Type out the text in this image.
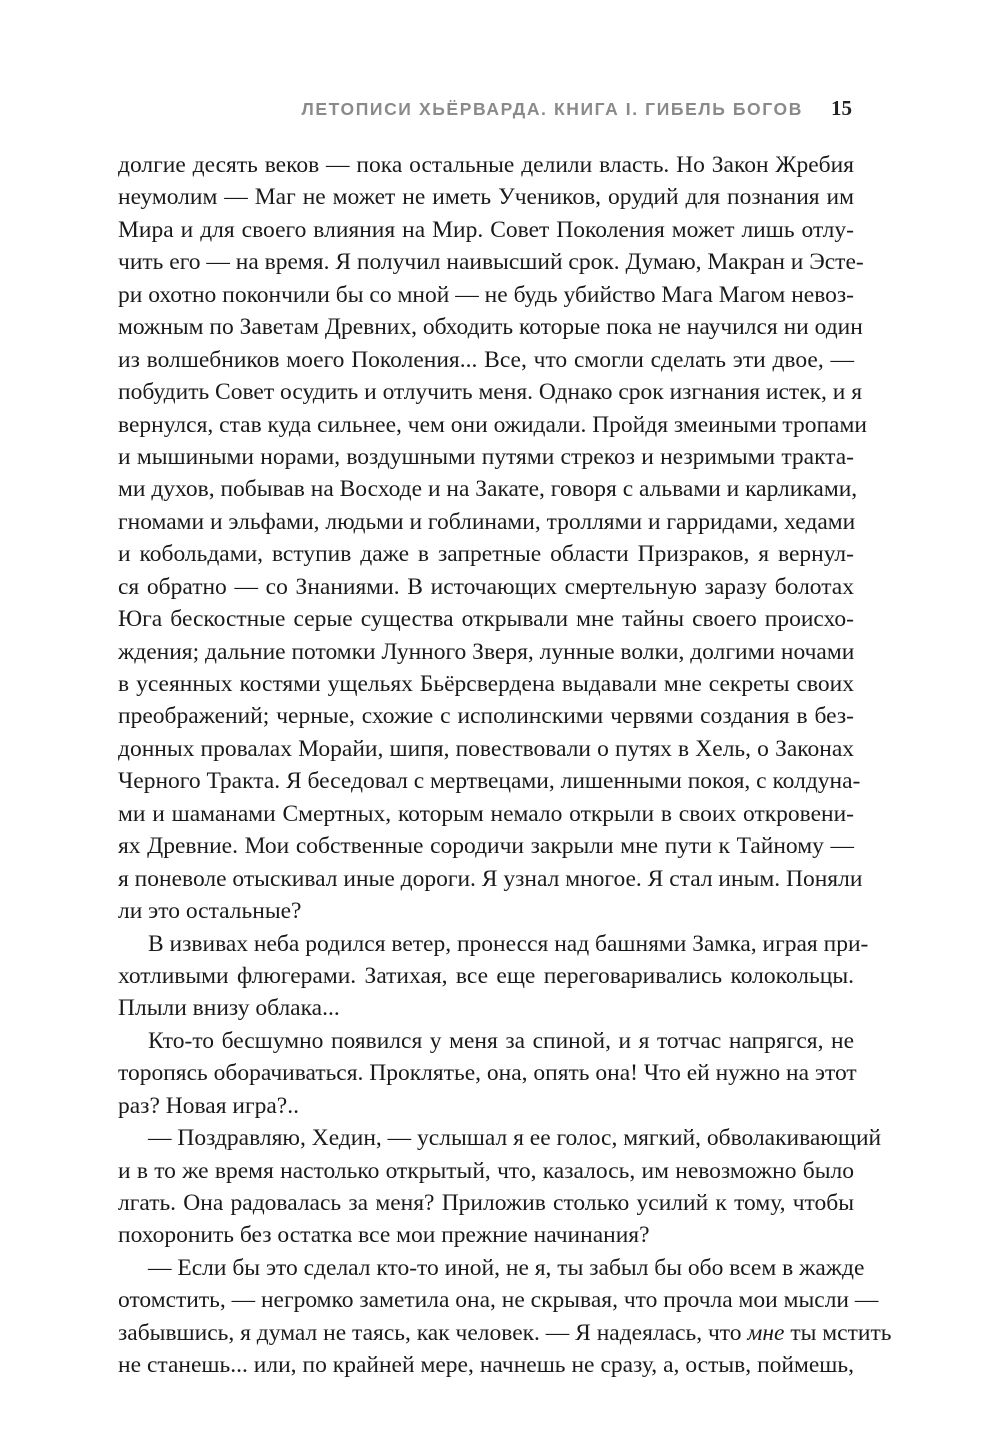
ЛЕТОПИСИ ХЬЁРВАРДА. КНИГА I. ГИБЕЛЬ БОГОВ 15
долгие десять веков — пока остальные делили власть. Но Закон Жребия
неумолим — Маг не может не иметь Учеников, орудий для познания им
Мира и для своего влияния на Мир. Совет Поколения может лишь отлу-
чить его — на время. Я получил наивысший срок. Думаю, Макран и Эсте-
ри охотно покончили бы со мной — не будь убийство Мага Магом невоз-
можным по Заветам Древних, обходить которые пока не научился ни один
из волшебников моего Поколения... Все, что смогли сделать эти двое, —
побудить Совет осудить и отлучить меня. Однако срок изгнания истек, и я
вернулся, став куда сильнее, чем они ожидали. Пройдя змеиными тропами
и мышиными норами, воздушными путями стрекоз и незримыми тракта-
ми духов, побывав на Восходе и на Закате, говоря с альвами и карликами,
гномами и эльфами, людьми и гоблинами, троллями и гарридами, хедами
и кобольдами, вступив даже в запретные области Призраков, я вернул-
ся обратно — со Знаниями. В источающих смертельную заразу болотах
Юга бескостные серые существа открывали мне тайны своего происхо-
ждения; дальние потомки Лунного Зверя, лунные волки, долгими ночами
в усеянных костями ущельях Бьёрсвердена выдавали мне секреты своих
преображений; черные, схожие с исполинскими червями создания в без-
донных провалах Морайи, шипя, повествовали о путях в Хель, о Законах
Черного Тракта. Я беседовал с мертвецами, лишенными покоя, с колдуна-
ми и шаманами Смертных, которым немало открыли в своих откровени-
ях Древние. Мои собственные сородичи закрыли мне пути к Тайному —
я поневоле отыскивал иные дороги. Я узнал многое. Я стал иным. Поняли
ли это остальные?
В извивах неба родился ветер, пронесся над башнями Замка, играя при-
хотливыми флюгерами. Затихая, все еще переговаривались колокольцы.
Плыли внизу облака...
Кто-то бесшумно появился у меня за спиной, и я тотчас напрягся, не
торопясь оборачиваться. Проклятье, она, опять она! Что ей нужно на этот
раз? Новая игра?..
— Поздравляю, Хедин, — услышал я ее голос, мягкий, обволакивающий
и в то же время настолько открытый, что, казалось, им невозможно было
лгать. Она радовалась за меня? Приложив столько усилий к тому, чтобы
похоронить без остатка все мои прежние начинания?
— Если бы это сделал кто-то иной, не я, ты забыл бы обо всем в жажде
отомстить, — негромко заметила она, не скрывая, что прочла мои мысли —
забывшись, я думал не таясь, как человек. — Я надеялась, что мне ты мстить
не станешь... или, по крайней мере, начнешь не сразу, а, остыв, поймешь,
